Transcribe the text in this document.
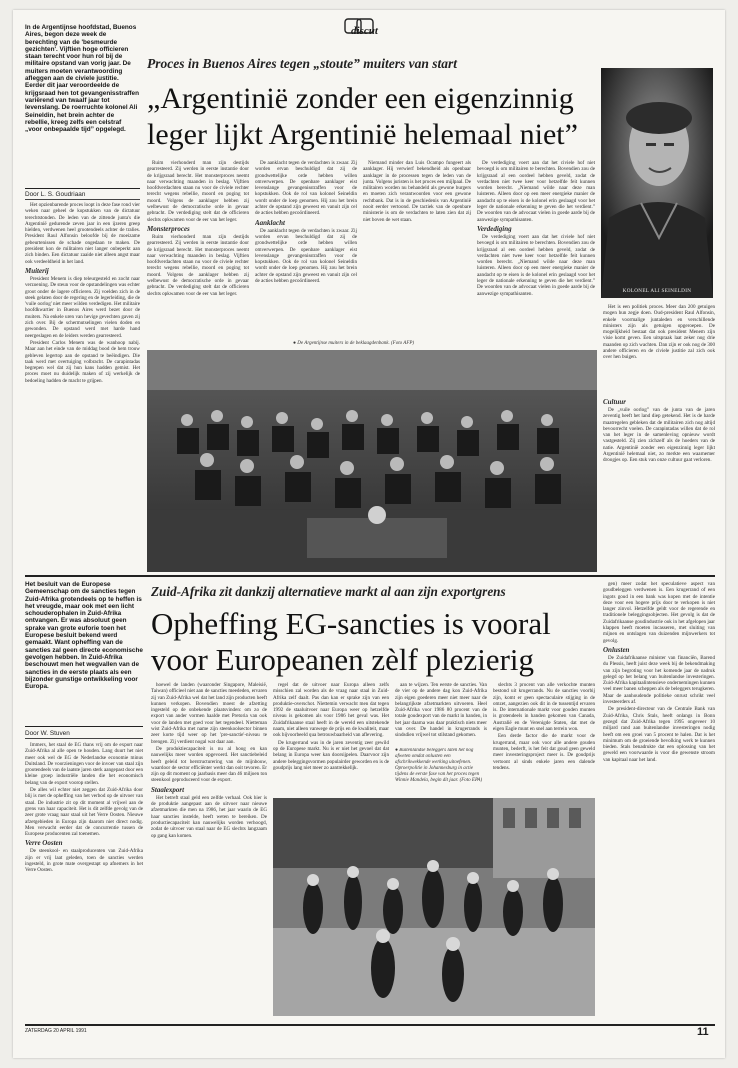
discut
In de Argentijnse hoofdstad, Buenos Aires, begon deze week de berechting van de 'besmeurde gezichten'. Vijftien hoge officieren staan terecht voor hun rol bij de militaire opstand van vorig jaar. De muiters moeten verantwoording afleggen aan de civiele justitie. Eerder dit jaar veroordeelde de krijgsraad hen tot gevangenisstraffen variërend van twaalf jaar tot levenslang. De roerruchte kolonel Ali Seineldin, het brein achter de rebellie, kreeg zelfs een celstraf „voor onbepaalde tijd” opgelegd.
Door L. S. Goudriaan
Proces in Buenos Aires tegen „stoute” muiters van start
„Argentinië zonder een eigenzinnig
leger lijkt Argentinië helemaal niet”
KOLONEL ALI SEINELDIN

Het opzienbarende proces loopt in deze fase rond vier weken naar geheel de kopstukken van de dictatuur terechtstonden. De leden van de zittende junta's die Argentinië gedurende zeven jaar in een ijzeren greep hielden, verdwenen heel grootendeels achter de tralies. President Raul Alfonsin beloofde bij de moeizame gebeurtenissen de schade ongedaan te maken. De president kon de militairen niet langer onbeperkt aan zich binden. Een dictatuur zaaide niet alleen angst maar ook verdeeldheid in het land.

Muiterij

President Menem is diep teleurgesteld en zocht naar verzoening. De steun voor de opstandelingen was echter groot onder de lagere officieren. Zij voelden zich in de steek gelaten door de regering en de legerleiding, die de 'vuile oorlog' niet meer wilden verdedigen. Het militaire hoofdkwartier in Buenos Aires werd bezet door de muiters. Na enkele uren van hevige gevechten gaven zij zich over. Bij de schermutselingen vielen doden en gewonden. De opstand werd met harde hand neergeslagen en de leiders werden gearresteerd.

President Carlos Menem was de wanhoop nabij. Maar aan het einde van de middag bood de hem trouw gebleven legertop aan de opstand te beëindigen. Die taak werd met overtuiging volbracht. De carapintadas begrepen wel dat zij hun kans hadden gemist. Het proces moet nu duidelijk maken of zij werkelijk de bedoeling hadden de macht te grijpen.

Ruim vierhonderd man zijn destijds gearresteerd. Zij werden in eerste instantie door de krijgsraad berecht. Het monsterproces neemt naar verwachting maanden in beslag. Vijftien hoofdverdachten staan nu voor de civiele rechter terecht wegens rebellie, moord en poging tot moord. Volgens de aanklager hebben zij welbewust de democratische orde in gevaar gebracht. De verdediging stelt dat de officieren slechts opkwamen voor de eer van het leger.

Monsterproces

Ruim vierhonderd man zijn destijds gearresteerd. Zij werden in eerste instantie door de krijgsraad berecht. Het monsterproces neemt naar verwachting maanden in beslag. Vijftien hoofdverdachten staan nu voor de civiele rechter terecht wegens rebellie, moord en poging tot moord. Volgens de aanklager hebben zij welbewust de democratische orde in gevaar gebracht. De verdediging stelt dat de officieren slechts opkwamen voor de eer van het leger.

De aanklacht tegen de verdachten is zwaar. Zij worden ervan beschuldigd dat zij de grondwettelijke orde hebben willen omverwerpen. De openbare aanklager eist levenslange gevangenisstraffen voor de kopstukken. Ook de rol van kolonel Seineldin wordt onder de loep genomen. Hij zou het brein achter de opstand zijn geweest en vanuit zijn cel de acties hebben gecoördineerd.

Aanklacht

De aanklacht tegen de verdachten is zwaar. Zij worden ervan beschuldigd dat zij de grondwettelijke orde hebben willen omverwerpen. De openbare aanklager eist levenslange gevangenisstraffen voor de kopstukken. Ook de rol van kolonel Seineldin wordt onder de loep genomen. Hij zou het brein achter de opstand zijn geweest en vanuit zijn cel de acties hebben gecoördineerd.

Niemand minder dan Luis Ocampo fungeert als aanklager. Hij verwierf bekendheid als openbaar aanklager in de processen tegen de leden van de junta. Volgens juristen is het proces een mijlpaal. De militairen worden nu behandeld als gewone burgers en moeten zich verantwoorden voor een gewone rechtbank. Dat is in de geschiedenis van Argentinië nooit eerder vertoond. De tactiek van de openbare ministerie is om de verdachten te laten zien dat zij niet boven de wet staan.

De verdediging voert aan dat het civiele hof niet bevoegd is om militairen te berechten. Bovendien zou de krijgsraad al een oordeel hebben geveld, zodat de verdachten niet twee keer voor hetzelfde feit kunnen worden berecht. „Niemand wilde naar deze man luisteren. Alleen door op een meer energieke manier de aandacht op te eisen is de kolonel erin geslaagd voor het leger de nationale erkenning te geven die het verdient.” De woorden van de advocaat vielen in goede aarde bij de aanwezige sympathisanten.

Verdediging

De verdediging voert aan dat het civiele hof niet bevoegd is om militairen te berechten. Bovendien zou de krijgsraad al een oordeel hebben geveld, zodat de verdachten niet twee keer voor hetzelfde feit kunnen worden berecht. „Niemand wilde naar deze man luisteren. Alleen door op een meer energieke manier de aandacht op te eisen is de kolonel erin geslaagd voor het leger de nationale erkenning te geven die het verdient.” De woorden van de advocaat vielen in goede aarde bij de aanwezige sympathisanten.

● De Argentijnse muiters in de beklaagdenbank. (Foto AFP)

Het is een politiek proces. Meer dan 200 getuigen mogen hun zegje doen. Oud-president Raul Alfonsin, enkele voormalige juntaleden en verschillende ministers zijn als getuigen opgeroepen. De mogelijkheid bestaat dat ook president Menem zijn visie komt geven. Een uitspraak laat zeker nog drie maanden op zich wachten. Dan zijn er ook nog de 300 andere officieren en de civiele justitie zal zich ook over hen buigen.

Cultuur

De „vuile oorlog” van de junta van de jaren zeventig heeft het land diep getekend. Het is de harde maatregelen gebleken dat de militairen zich nog altijd bevoorrecht voelen. De carapintadas willen dat de rol van het leger in de samenleving opnieuw wordt vastgesteld. Zij zien zichzelf als de hoeders van de natie. Argentinië zonder een eigenzinnig leger lijkt Argentinië helemaal niet, zo merkte een waarnemer droogjes op. Een stuk van onze cultuur gaat verloren.

Het besluit van de Europese Gemeenschap om de sancties tegen Zuid-Afrika grotendeels op te heffen is het vreugde, maar ook met een licht schouderophalen in Zuid-Afrika ontvangen. Er was absoluut geen sprake van grote euforie toen het Europese besluit bekend werd gemaakt. Want opheffing van de sancties zal geen directe economische gevolgen hebben. In Zuid-Afrika beschouwt men het wegvallen van de sancties in de eerste plaats als een bijzonder gunstige ontwikkeling voor Europa.
Door W. Stuven
Zuid-Afrika zit dankzij alternatieve markt al aan zijn exportgrens
Opheffing EG-sancties is vooral
voor Europeanen zèlf plezierig

Immers, het staal de EG thans vrij om de export naar Zuid-Afrika al alle open te houden. Lang duurt het niet meer ook wel de EG de Nederlandse economie minus Duitsland. De voorzieningen voor de invoer van staal zijn grootendeels van de laatste jaren sterk aangepast door een kleine groep industriële landen die het economisch belang van de export voorop stellen.

De alles wil echter niet zeggen dat Zuid-Afrika door blij is met de opheffing van het verbod op de uitvoer van staal. De industrie zit op dit moment al vrijwel aan de grens van haar capaciteit. Het is dit zelfde gevolg van de zeer grote vraag naar staal uit het Verre Oosten. Nieuwe afzetgebieden in Europa zijn daarom niet direct nodig. Men verwacht eerder dat de concurrentie tussen de Europese producenten zal toenemen.

Verre Oosten

De steenkool- en staalproducenten van Zuid-Afrika zijn er vrij laat geleden, toen de sancties werden ingesteld, in grote mate overgestapt op afnemers in het Verre Oosten.

hoewel de landen (waaronder Singapore, Maleisië, Taiwan) officieel niet aan de sancties meededen, ervaren zij van Zuid-Afrika wel dat het land zijn producten heeft kunnen verkopen. Bovendien moest de afzetting ingesteld op de onbekende plaatsvinden: om zo de export van ander vormen haalde met Pretoria van ook voor de landen met goed voor het tegendeel. Nietteman wist Zuid-Afrika met name zijn steenkoolsector binnen zeer korte tijd weer op het 'pre-sanctie'-niveau te brengen. Zij verdient nogal wat daar aan.

De produktiecapaciteit is nu al hoog en kan nauwelijks meer worden opgevoerd. Het sanctiebeleid heeft geleid tot herstructurering van de mijnbouw, waardoor de sector efficiënter werkt dan ooit tevoren. Er zijn op dit moment op jaarbasis meer dan 46 miljoen ton steenkool geproduceerd voor de export.

Staalexport

Het betreft staal geld een zelfde verhaal. Ook hier is de produktie aangepast aan de uitvoer naar nieuwe afzetmarkten die men na 1986, het jaar waarin de EG haar sancties instelde, heeft weten te bereiken. De productiecapaciteit kan nauwelijks worden verhoogd, zodat de uitvoer van staal naar de EG slechts langzaam op gang kan komen.

regel dat de uitvoer naar Europa alleen zelfs misschien zal worden als de vraag naar staal in Zuid-Afrika zelf daalt. Pas dan kan er sprake zijn van een produktie-overschot. Niettemin verwacht men dat tegen 1992 de staaluitvoer naar Europa weer op hetzelfde niveau is gekomen als voor 1986 het geval was. Het Zuidafrikaanse staal heeft in de wereld een uitstekende naam, niet alleen vanwege de prijs en de kwaliteit, maar ook bijvoorbeeld qua betrouwbaarheid van aflevering.

De krugerrand was in de jaren zeventig zeer gewild op de Europese markt. Nu is er niet het gevoel dat dat belang in Europa weer kan doorsijpelen. Daarvoor zijn andere beleggingsvormen populairder geworden en is de goudprijs lang niet meer zo aantrekkelijk.

aan te wijzen. Ten eerste de sancties. Van de vier op de andere dag kon Zuid-Afrika zijn eigen goederen meer niet meer naar de belangrijkste afzetmarkten uitvoeren. Heel Zuid-Afrika voor 1986 80 procent van de totale goudexport van de markt in handen, in het jaar daarna was daar praktisch niets meer van over. De handel in krugerrands is sindsdien vrijwel tot stilstand gekomen.

● Buitenlandse beleggers laten het nog afweten omdat onlusten een afschrikwekkende werking uitoefenen. Oproerpolitie in Johannesburg in actie tijdens de eerste fase van het proces tegen Winnie Mandela, begin dit jaar. (Foto EPA)

slechts 3 procent van alle verkochte munten bestond uit krugerrands. Nu de sancties voorbij zijn, komt er geen spectaculaire stijging in de omzet, aangezien ook dit in de tussentijd ervaren is. De internationale markt voor gouden munten is grotendeels in handen gekomen van Canada, Australië en de Verenigde Staten, dat met de eigen Eagle munt en snel aan terrein won.

Een derde factor die de markt voor de krugerrand, maar ook voor alle andere gouden munten, bederft, is het feit dat goud geen geweld meer investeringsproject meer is. De goudprijs vertoont al sinds enkele jaren een dalende tendens.

gen) meer zodat het speculatieve aspect van goudbeleggen verdwenen is. Een krugerrand of een ingots goud in een bank was kopen met de intentie deze voor een hogere prijs door te verkopen is niet langer zinvol. Hetzelfde geldt voor de regerende en traditionele beleggingsobjecten. Het gevolg is dat de Zuidafrikaanse goudindustrie ook in het afgelopen jaar klappen heeft moeten incasseren, met sluiting van mijnen en ontslagen van duizenden mijnwerkers tot gevolg.

Onlusten

De Zuidafrikaanse minister van financiën, Barend du Plessis, heeft juist deze week bij de bekendmaking van zijn begroting voor het komende jaar de nadruk gelegd op het belang van buitenlandse investeringen. Zuid-Afrika kapitaalintensieve ondernemingen kunnen veel meer banen scheppen als de beleggers terugkeren. Maar de aanhoudende politieke onrust schrikt veel investeerders af.

De president-directeur van de Centrale Bank van Zuid-Afrika, Chris Stals, heeft onlangs in Bonn gezegd dat Zuid-Afrika tegen 1995 ongeveer 10 miljard rand aan buitenlandse investeringen nodig heeft om een groei van 5 procent te halen. Dat is het minimum om de groeiende bevolking werk te kunnen bieden. Stals benadrukte dat een oplossing van het geweld een voorwaarde is voor die gewenste stroom van kapitaal naar het land.

ZATERDAG 20 APRIL 1991	11
